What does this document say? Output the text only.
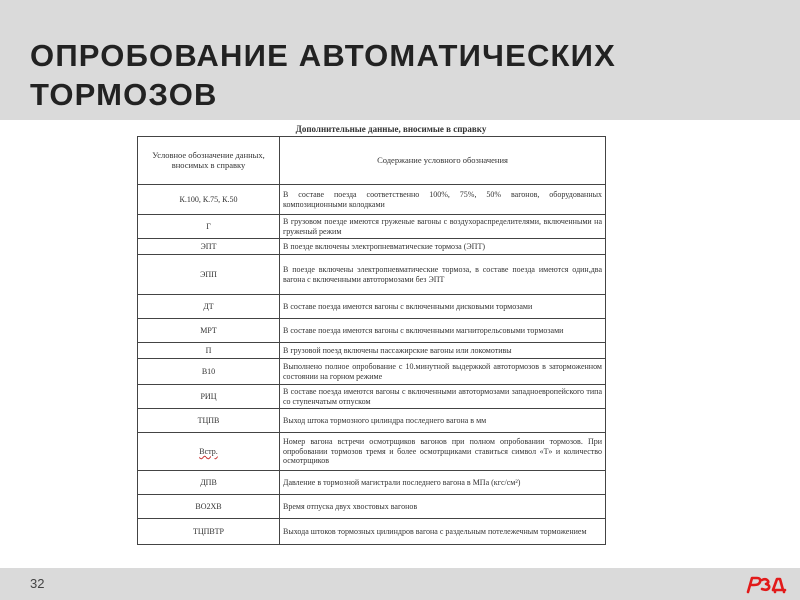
ОПРОБОВАНИЕ АВТОМАТИЧЕСКИХ ТОРМОЗОВ
Дополнительные данные, вносимые в справку
Условное обозначение данных, вносимых в справку	Содержание условного обозначения
К.100, К.75, К.50	В составе поезда соответственно 100%, 75%, 50% вагонов, оборудованных композиционными колодками
Г	В грузовом поезде имеются груженые вагоны с воздухораспределителями, включенными на груженый режим
ЭПТ	В поезде включены электропневматические тормоза (ЭПТ)
ЭПП	В поезде включены электропневматические тормоза, в составе поезда имеются один,два вагона с включенными автотормозами без ЭПТ
ДТ	В составе поезда имеются вагоны с включенными дисковыми тормозами
МРТ	В составе поезда имеются вагоны с включенными магниторельсовыми тормозами
П	В грузовой поезд включены пассажирские вагоны или локомотивы
В10	Выполнено полное опробование с 10.минутной выдержкой автотормозов в заторможенном состоянии на горном режиме
РИЦ	В составе поезда имеются вагоны с включенными автотормозами западноевропейского типа со ступенчатым отпуском
ТЦПВ	Выход штока тормозного цилиндра последнего вагона в мм
Встр.	Номер вагона встречи осмотрщиков вагонов при полном опробовании тормозов. При опробовании тормозов тремя и более осмотрщиками ставиться символ «Т» и количество осмотрщиков
ДПВ	Давление в тормозной магистрали последнего вагона в МПа (кгс/см²)
ВО2ХВ	Время отпуска двух хвостовых вагонов
ТЦПВТР	Выхода штоков тормозных цилиндров вагона с раздельным потележечным торможением
32
